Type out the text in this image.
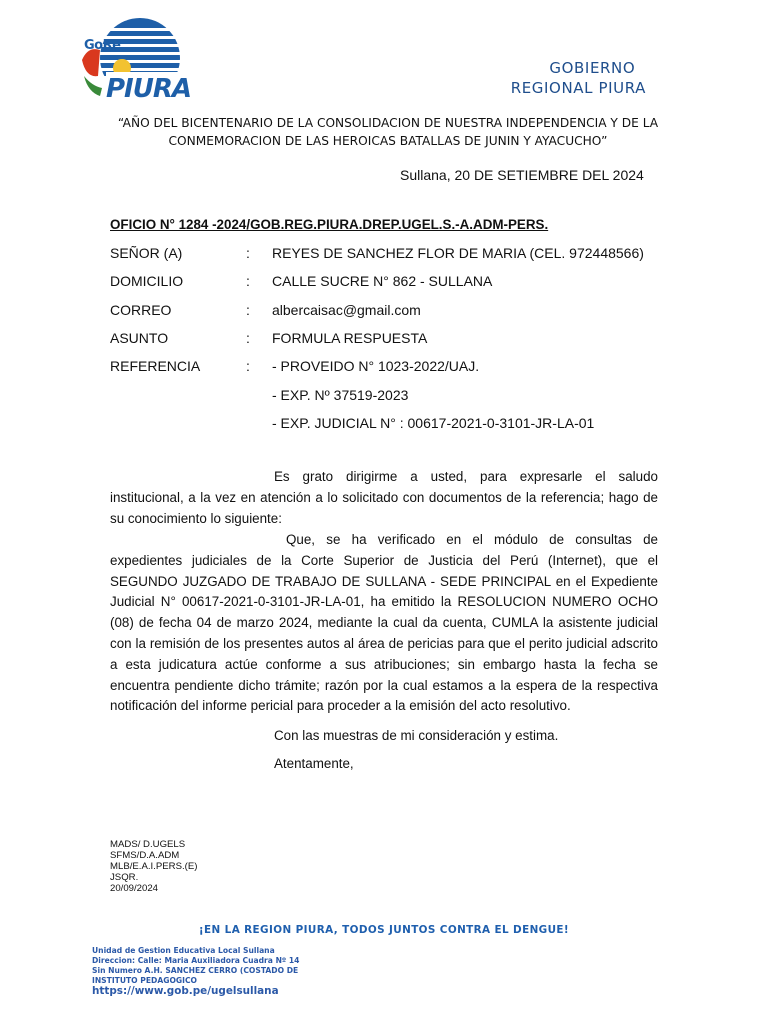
GoRe
PIURA
GOBIERNO
REGIONAL PIURA
“AÑO DEL BICENTENARIO DE LA CONSOLIDACION DE NUESTRA INDEPENDENCIA Y DE LA
CONMEMORACION DE LAS HEROICAS BATALLAS DE JUNIN Y AYACUCHO”
Sullana, 20 DE SETIEMBRE DEL 2024
OFICIO N° 1284 -2024/GOB.REG.PIURA.DREP.UGEL.S.-A.ADM-PERS.
SEÑOR (A)	: REYES DE SANCHEZ FLOR DE MARIA (CEL. 972448566)
DOMICILIO	: CALLE SUCRE N° 862 - SULLANA
CORREO	: albercaisac@gmail.com
ASUNTO	: FORMULA RESPUESTA
REFERENCIA	: - PROVEIDO N° 1023-2022/UAJ.
- EXP. Nº 37519-2023
- EXP. JUDICIAL N° : 00617-2021-0-3101-JR-LA-01
Es grato dirigirme a usted, para expresarle el saludo institucional, a la vez en atención a lo solicitado con documentos de la referencia; hago de su conocimiento lo siguiente:
Que, se ha verificado en el módulo de consultas de expedientes judiciales de la Corte Superior de Justicia del Perú (Internet), que el SEGUNDO JUZGADO DE TRABAJO DE SULLANA - SEDE PRINCIPAL en el Expediente Judicial N° 00617-2021-0-3101-JR-LA-01, ha emitido la RESOLUCION NUMERO OCHO (08) de fecha 04 de marzo 2024, mediante la cual da cuenta, CUMLA la asistente judicial con la remisión de los presentes autos al área de pericias para que el perito judicial adscrito a esta judicatura actúe conforme a sus atribuciones; sin embargo hasta la fecha se encuentra pendiente dicho trámite; razón por la cual estamos a la espera de la respectiva notificación del informe pericial para proceder a la emisión del acto resolutivo.
Con las muestras de mi consideración y estima.
Atentamente,
MADS/ D.UGELS
SFMS/D.A.ADM
MLB/E.A.I.PERS.(E)
JSQR.
20/09/2024
¡EN LA REGION PIURA, TODOS JUNTOS CONTRA EL DENGUE!
Unidad de Gestion Educativa Local Sullana
Direccion: Calle: Maria Auxiliadora Cuadra Nº 14
Sin Numero A.H. SANCHEZ CERRO (COSTADO DE
INSTITUTO PEDAGOGICO
https://www.gob.pe/ugelsullana
